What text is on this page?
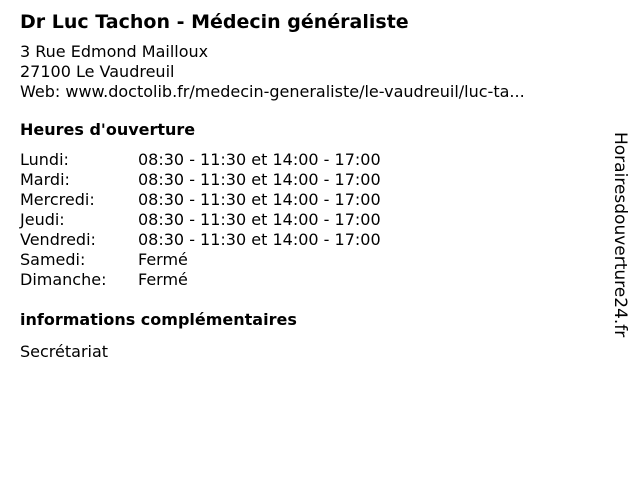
Dr Luc Tachon - Médecin généraliste
3 Rue Edmond Mailloux
27100 Le Vaudreuil
Web: www.doctolib.fr/medecin-generaliste/le-vaudreuil/luc-ta...
Heures d'ouverture
Lundi:	08:30 - 11:30 et 14:00 - 17:00
Mardi:	08:30 - 11:30 et 14:00 - 17:00
Mercredi:	08:30 - 11:30 et 14:00 - 17:00
Jeudi:	08:30 - 11:30 et 14:00 - 17:00
Vendredi:	08:30 - 11:30 et 14:00 - 17:00
Samedi:	Fermé
Dimanche:	Fermé
informations complémentaires
Secrétariat
Horairesdouverture24.fr
